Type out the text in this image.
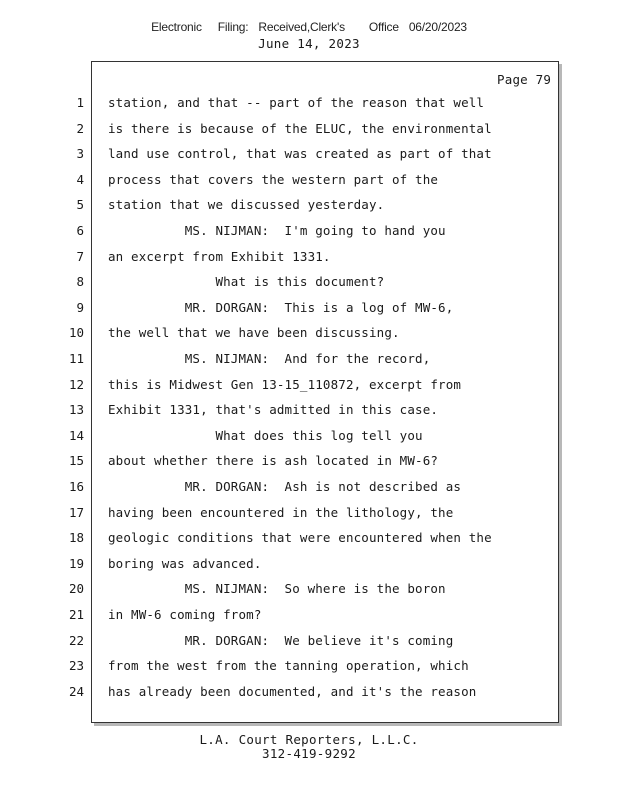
Electronic Filing: Received,Clerk's Office 06/20/2023
June 14, 2023
Page 79
1 station, and that -- part of the reason that well
2 is there is because of the ELUC, the environmental
3 land use control, that was created as part of that
4 process that covers the western part of the
5 station that we discussed yesterday.
6 MS. NIJMAN:  I'm going to hand you
7 an excerpt from Exhibit 1331.
8 What is this document?
9 MR. DORGAN:  This is a log of MW-6,
10 the well that we have been discussing.
11 MS. NIJMAN:  And for the record,
12 this is Midwest Gen 13-15_110872, excerpt from
13 Exhibit 1331, that's admitted in this case.
14 What does this log tell you
15 about whether there is ash located in MW-6?
16 MR. DORGAN:  Ash is not described as
17 having been encountered in the lithology, the
18 geologic conditions that were encountered when the
19 boring was advanced.
20 MS. NIJMAN:  So where is the boron
21 in MW-6 coming from?
22 MR. DORGAN:  We believe it's coming
23 from the west from the tanning operation, which
24 has already been documented, and it's the reason
L.A. Court Reporters, L.L.C.
312-419-9292
